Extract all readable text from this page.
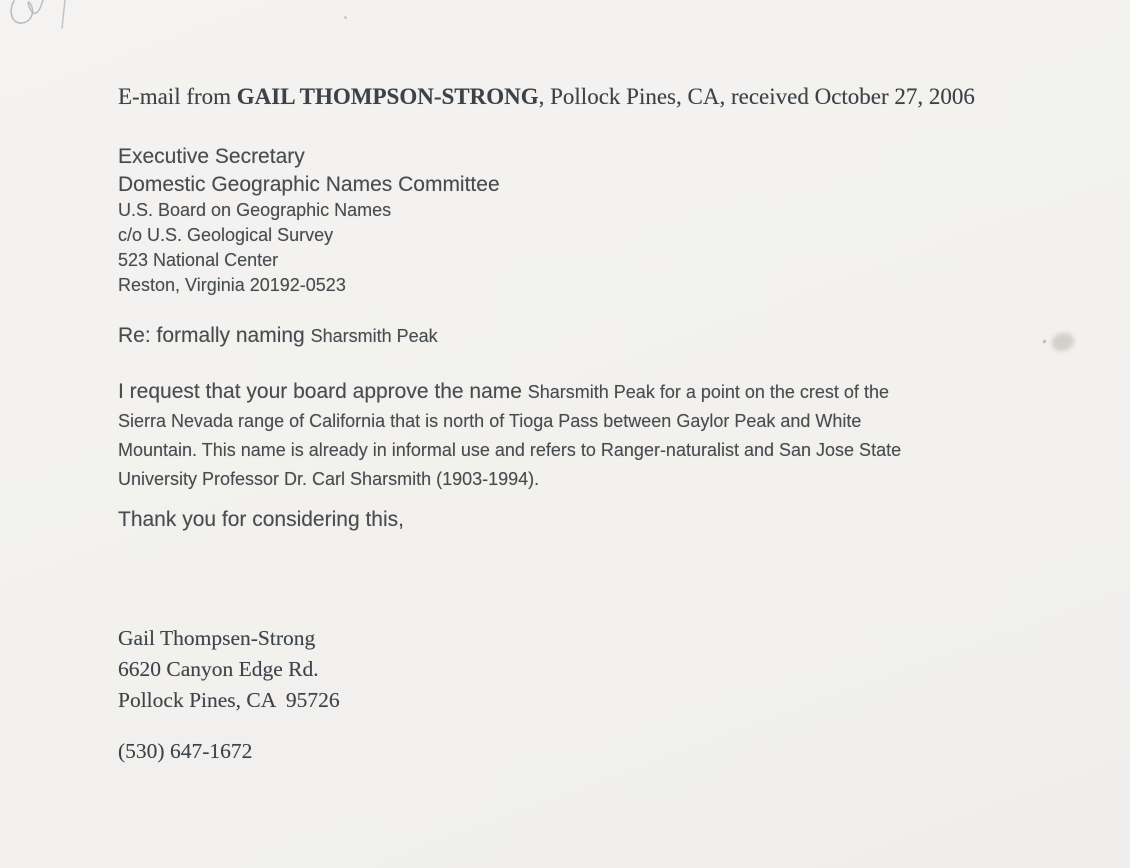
E-mail from GAIL THOMPSON-STRONG, Pollock Pines, CA, received October 27, 2006
Executive Secretary
Domestic Geographic Names Committee
U.S. Board on Geographic Names
c/o U.S. Geological Survey
523 National Center
Reston, Virginia 20192-0523
Re: formally naming Sharsmith Peak
I request that your board approve the name Sharsmith Peak for a point on the crest of the
Sierra Nevada range of California that is north of Tioga Pass between Gaylor Peak and White
Mountain. This name is already in informal use and refers to Ranger-naturalist and San Jose State
University Professor Dr. Carl Sharsmith (1903-1994).
Thank you for considering this,
Gail Thompsen-Strong
6620 Canyon Edge Rd.
Pollock Pines, CA  95726
(530) 647-1672
